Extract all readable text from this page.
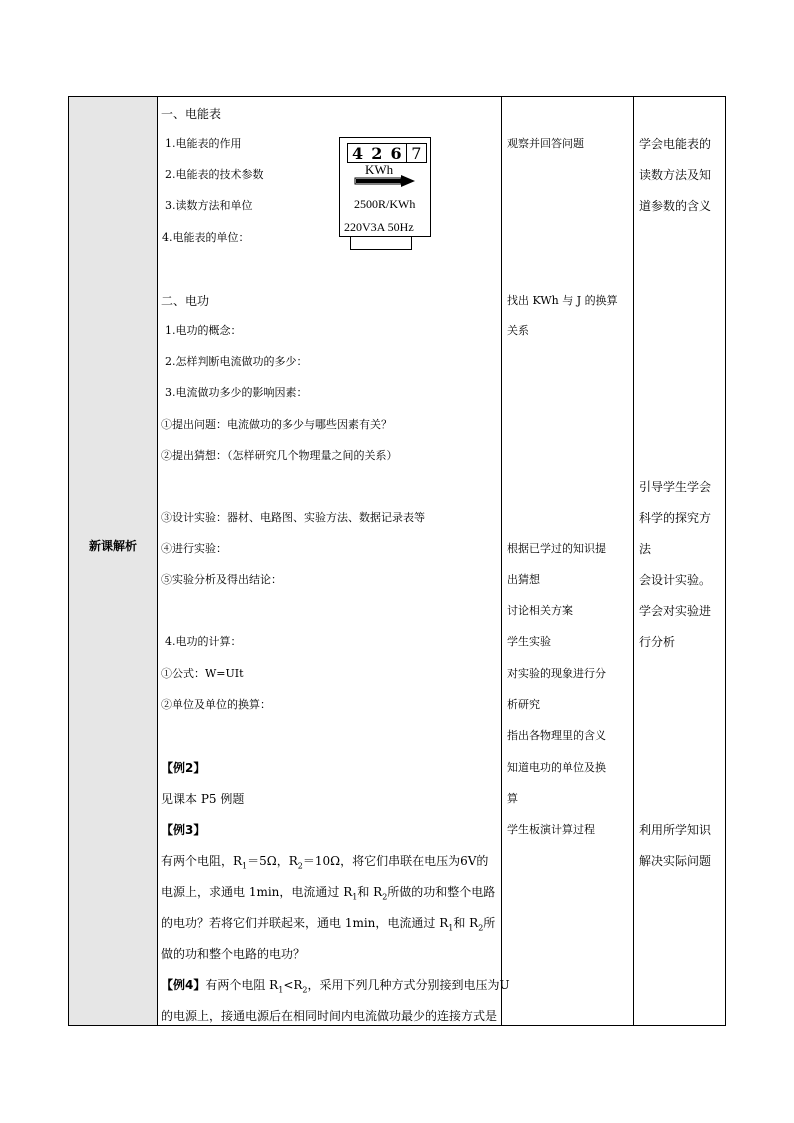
新课解析
一、电能表
1.电能表的作用
2.电能表的技术参数
3.读数方法和单位
4.电能表的单位：
4 2 6 7
KWh
2500R/KWh
220V3A 50Hz
二、电功
1.电功的概念：
2.怎样判断电流做功的多少：
3.电流做功多少的影响因素：
①提出问题：电流做功的多少与哪些因素有关？
②提出猜想：（怎样研究几个物理量之间的关系）
③设计实验：器材、电路图、实验方法、数据记录表等
④进行实验：
⑤实验分析及得出结论：
4.电功的计算：
①公式：W=UIt
②单位及单位的换算：
【例2】
见课本 P5 例题
【例3】
有两个电阻，$R_1=5\Omega$，$R_2=10\Omega$，将它们串联在电压为6V的
电源上，求通电 1min，电流通过 $R_1$和 $R_2$所做的功和整个电路
的电功？若将它们并联起来，通电 1min，电流通过 $R_1$和 $R_2$所
做的功和整个电路的电功？
【例4】有两个电阻 $R_1<R_2$，采用下列几种方式分别接到电压为U
的电源上，接通电源后在相同时间内电流做功最少的连接方式是
观察并回答问题
找出 KWh 与 J 的换算
关系
根据已学过的知识提
出猜想
讨论相关方案
学生实验
对实验的现象进行分
析研究
指出各物理里的含义
知道电功的单位及换
算
学生板演计算过程
学会电能表的
读数方法及知
道参数的含义
引导学生学会
科学的探究方
法
会设计实验。
学会对实验进
行分析
利用所学知识
解决实际问题
